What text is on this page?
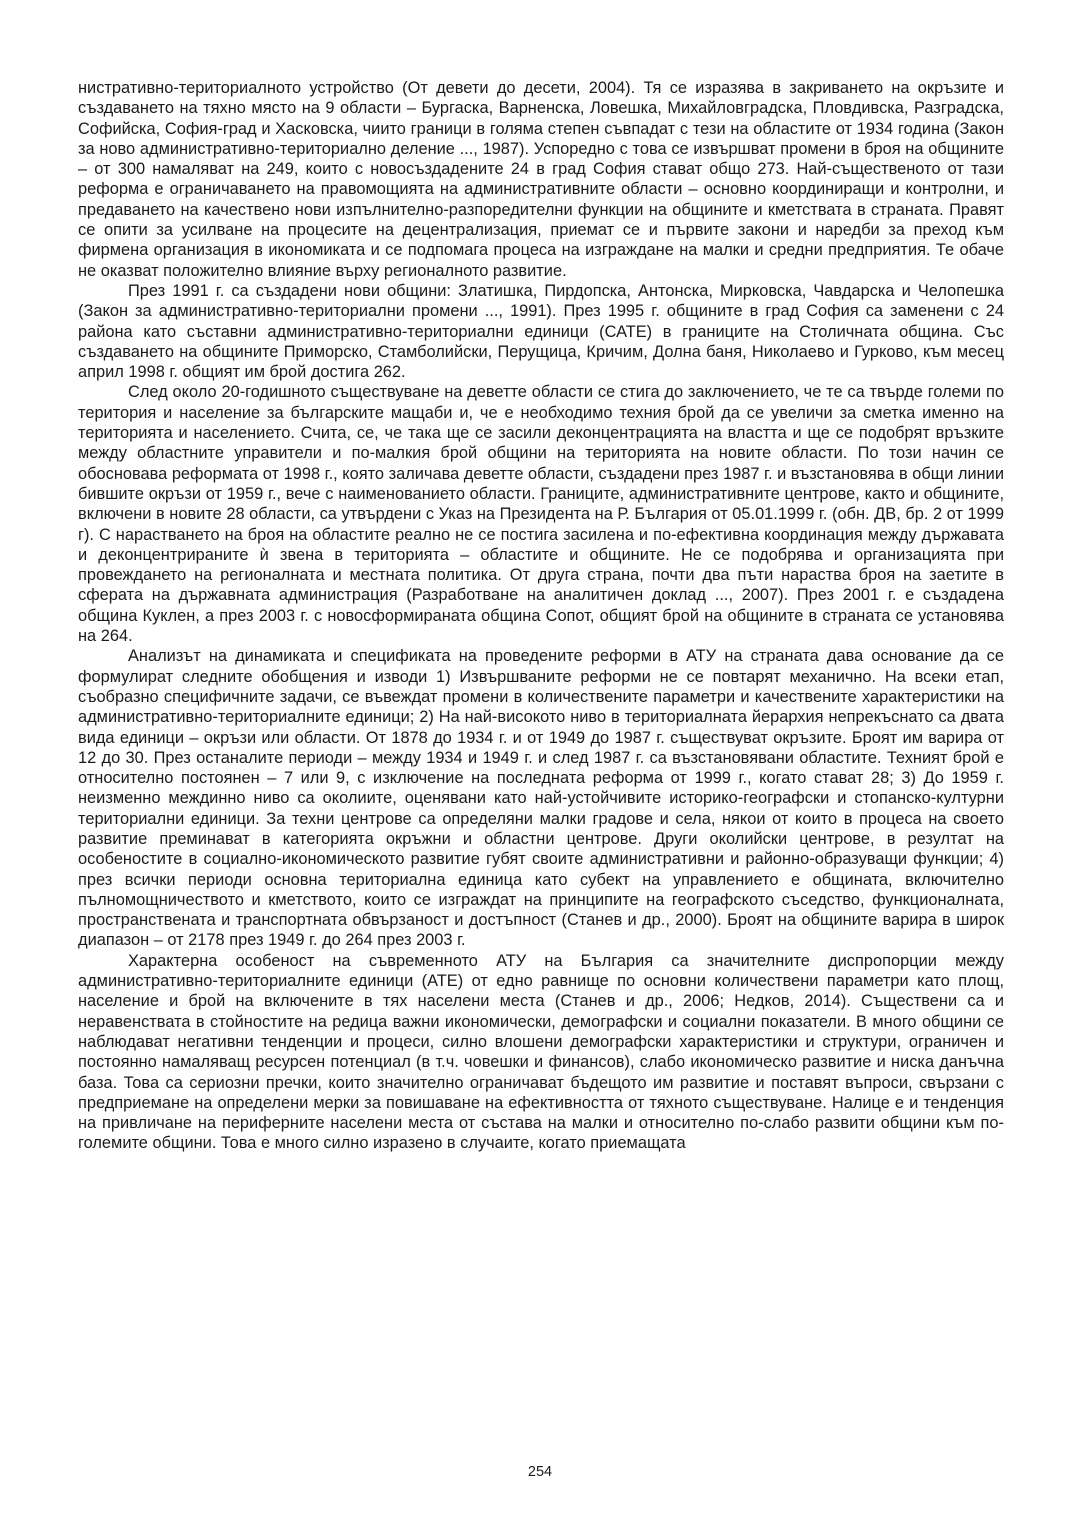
нистративно-териториалното устройство (От девети до десети, 2004). Тя се изразява в закриването на окръзите и създаването на тяхно място на 9 области – Бургаска, Варненска, Ловешка, Михайловградска, Пловдивска, Разградска, Софийска, София-град и Хасковска, чиито граници в голяма степен съвпадат с тези на областите от 1934 година (Закон за ново административно-териториално деление ..., 1987). Успоредно с това се извършват промени в броя на общините – от 300 намаляват на 249, които с новосъздадените 24 в град София стават общо 273. Най-същественото от тази реформа е ограничаването на правомощията на административните области – основно координиращи и контролни, и предаването на качествено нови изпълнително-разпоредителни функции на общините и кметствата в страната. Правят се опити за усилване на процесите на децентрализация, приемат се и първите закони и наредби за преход към фирмена организация в икономиката и се подпомага процеса на изграждане на малки и средни предприятия. Те обаче не оказват положително влияние върху регионалното развитие.

През 1991 г. са създадени нови общини: Златишка, Пирдопска, Антонска, Мирковска, Чавдарска и Челопешка (Закон за административно-териториални промени ..., 1991). През 1995 г. общините в град София са заменени с 24 района като съставни административно-териториални единици (САТЕ) в границите на Столичната община. Със създаването на общините Приморско, Стамболийски, Перущица, Кричим, Долна баня, Николаево и Гурково, към месец април 1998 г. общият им брой достига 262.

След около 20-годишното съществуване на деветте области се стига до заключението, че те са твърде големи по територия и население за българските мащаби и, че е необходимо техния брой да се увеличи за сметка именно на територията и населението. Счита, се, че така ще се засили деконцентрацията на властта и ще се подобрят връзките между областните управители и по-малкия брой общини на територията на новите области. По този начин се обосновава реформата от 1998 г., която заличава деветте области, създадени през 1987 г. и възстановява в общи линии бившите окръзи от 1959 г., вече с наименованието области. Границите, административните центрове, както и общините, включени в новите 28 области, са утвърдени с Указ на Президента на Р. България от 05.01.1999 г. (обн. ДВ, бр. 2 от 1999 г). С нарастването на броя на областите реално не се постига засилена и по-ефективна координация между държавата и деконцентрираните ѝ звена в територията – областите и общините. Не се подобрява и организацията при провеждането на регионалната и местната политика. От друга страна, почти два пъти нараства броя на заетите в сферата на държавната администрация (Разработване на аналитичен доклад ..., 2007). През 2001 г. е създадена община Куклен, а през 2003 г. с новосформираната община Сопот, общият брой на общините в страната се установява на 264.

Анализът на динамиката и спецификата на проведените реформи в АТУ на страната дава основание да се формулират следните обобщения и изводи 1) Извършваните реформи не се повтарят механично. На всеки етап, съобразно специфичните задачи, се въвеждат промени в количествените параметри и качествените характеристики на административно-териториалните единици; 2) На най-високото ниво в териториалната йерархия непрекъснато са двата вида единици – окръзи или области. От 1878 до 1934 г. и от 1949 до 1987 г. съществуват окръзите. Броят им варира от 12 до 30. През останалите периоди – между 1934 и 1949 г. и след 1987 г. са възстановявани областите. Техният брой е относително постоянен – 7 или 9, с изключение на последната реформа от 1999 г., когато стават 28; 3) До 1959 г. неизменно междинно ниво са околиите, оценявани като най-устойчивите историко-географски и стопанско-културни териториални единици. За техни центрове са определяни малки градове и села, някои от които в процеса на своето развитие преминават в категорията окръжни и областни центрове. Други околийски центрове, в резултат на особеностите в социално-икономическото развитие губят своите административни и районно-образуващи функции; 4) през всички периоди основна териториална единица като субект на управлението е общината, включително пълномощничеството и кметството, които се изграждат на принципите на географското съседство, функционалната, пространствената и транспортната обвързаност и достъпност (Станев и др., 2000). Броят на общините варира в широк диапазон – от 2178 през 1949 г. до 264 през 2003 г.

Характерна особеност на съвременното АТУ на България са значителните диспропорции между административно-териториалните единици (АТЕ) от едно равнище по основни количествени параметри като площ, население и брой на включените в тях населени места (Станев и др., 2006; Недков, 2014). Съществени са и неравенствата в стойностите на редица важни икономически, демографски и социални показатели. В много общини се наблюдават негативни тенденции и процеси, силно влошени демографски характеристики и структури, ограничен и постоянно намаляващ ресурсен потенциал (в т.ч. човешки и финансов), слабо икономическо развитие и ниска данъчна база. Това са сериозни пречки, които значително ограничават бъдещото им развитие и поставят въпроси, свързани с предприемане на определени мерки за повишаване на ефективността от тяхното съществуване. Налице е и тенденция на привличане на периферните населени места от състава на малки и относително по-слабо развити общини към по-големите общини. Това е много силно изразено в случаите, когато приемащата

254
